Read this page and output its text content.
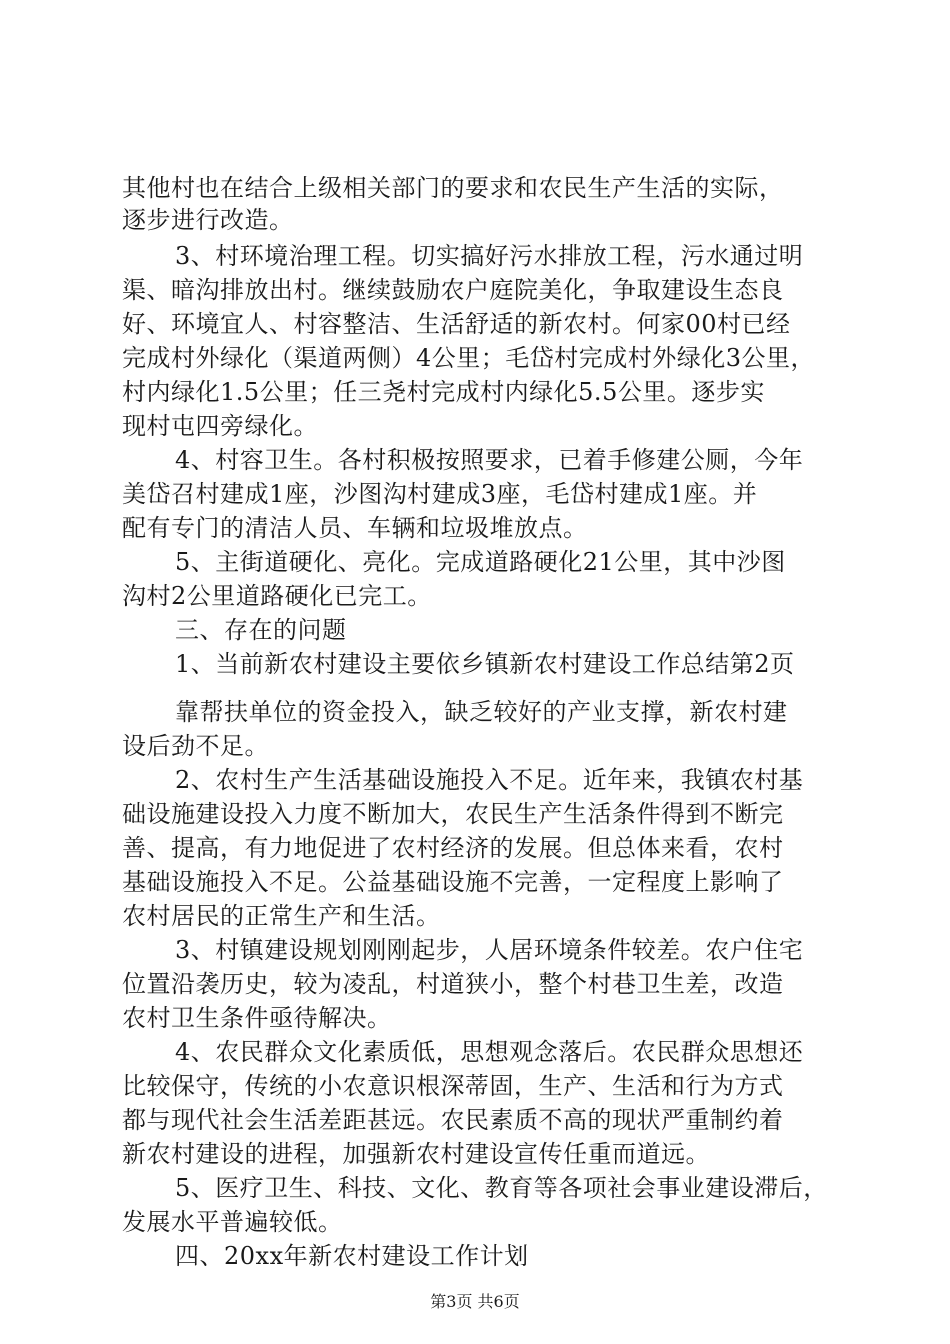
其他村也在结合上级相关部门的要求和农民生产生活的实际，
逐步进行改造。
3、村环境治理工程。切实搞好污水排放工程，污水通过明
渠、暗沟排放出村。继续鼓励农户庭院美化，争取建设生态良
好、环境宜人、村容整洁、生活舒适的新农村。何家00村已经
完成村外绿化（渠道两侧）4公里；毛岱村完成村外绿化3公里，
村内绿化1.5公里；任三尧村完成村内绿化5.5公里。逐步实
现村屯四旁绿化。
4、村容卫生。各村积极按照要求，已着手修建公厕，今年
美岱召村建成1座，沙图沟村建成3座，毛岱村建成1座。并
配有专门的清洁人员、车辆和垃圾堆放点。
5、主街道硬化、亮化。完成道路硬化21公里，其中沙图
沟村2公里道路硬化已完工。
三、存在的问题
1、当前新农村建设主要依乡镇新农村建设工作总结第2页
靠帮扶单位的资金投入，缺乏较好的产业支撑，新农村建
设后劲不足。
2、农村生产生活基础设施投入不足。近年来，我镇农村基
础设施建设投入力度不断加大，农民生产生活条件得到不断完
善、提高，有力地促进了农村经济的发展。但总体来看，农村
基础设施投入不足。公益基础设施不完善，一定程度上影响了
农村居民的正常生产和生活。
3、村镇建设规划刚刚起步，人居环境条件较差。农户住宅
位置沿袭历史，较为凌乱，村道狭小，整个村巷卫生差，改造
农村卫生条件亟待解决。
4、农民群众文化素质低，思想观念落后。农民群众思想还
比较保守，传统的小农意识根深蒂固，生产、生活和行为方式
都与现代社会生活差距甚远。农民素质不高的现状严重制约着
新农村建设的进程，加强新农村建设宣传任重而道远。
5、医疗卫生、科技、文化、教育等各项社会事业建设滞后，
发展水平普遍较低。
四、20xx年新农村建设工作计划
第3页 共6页
